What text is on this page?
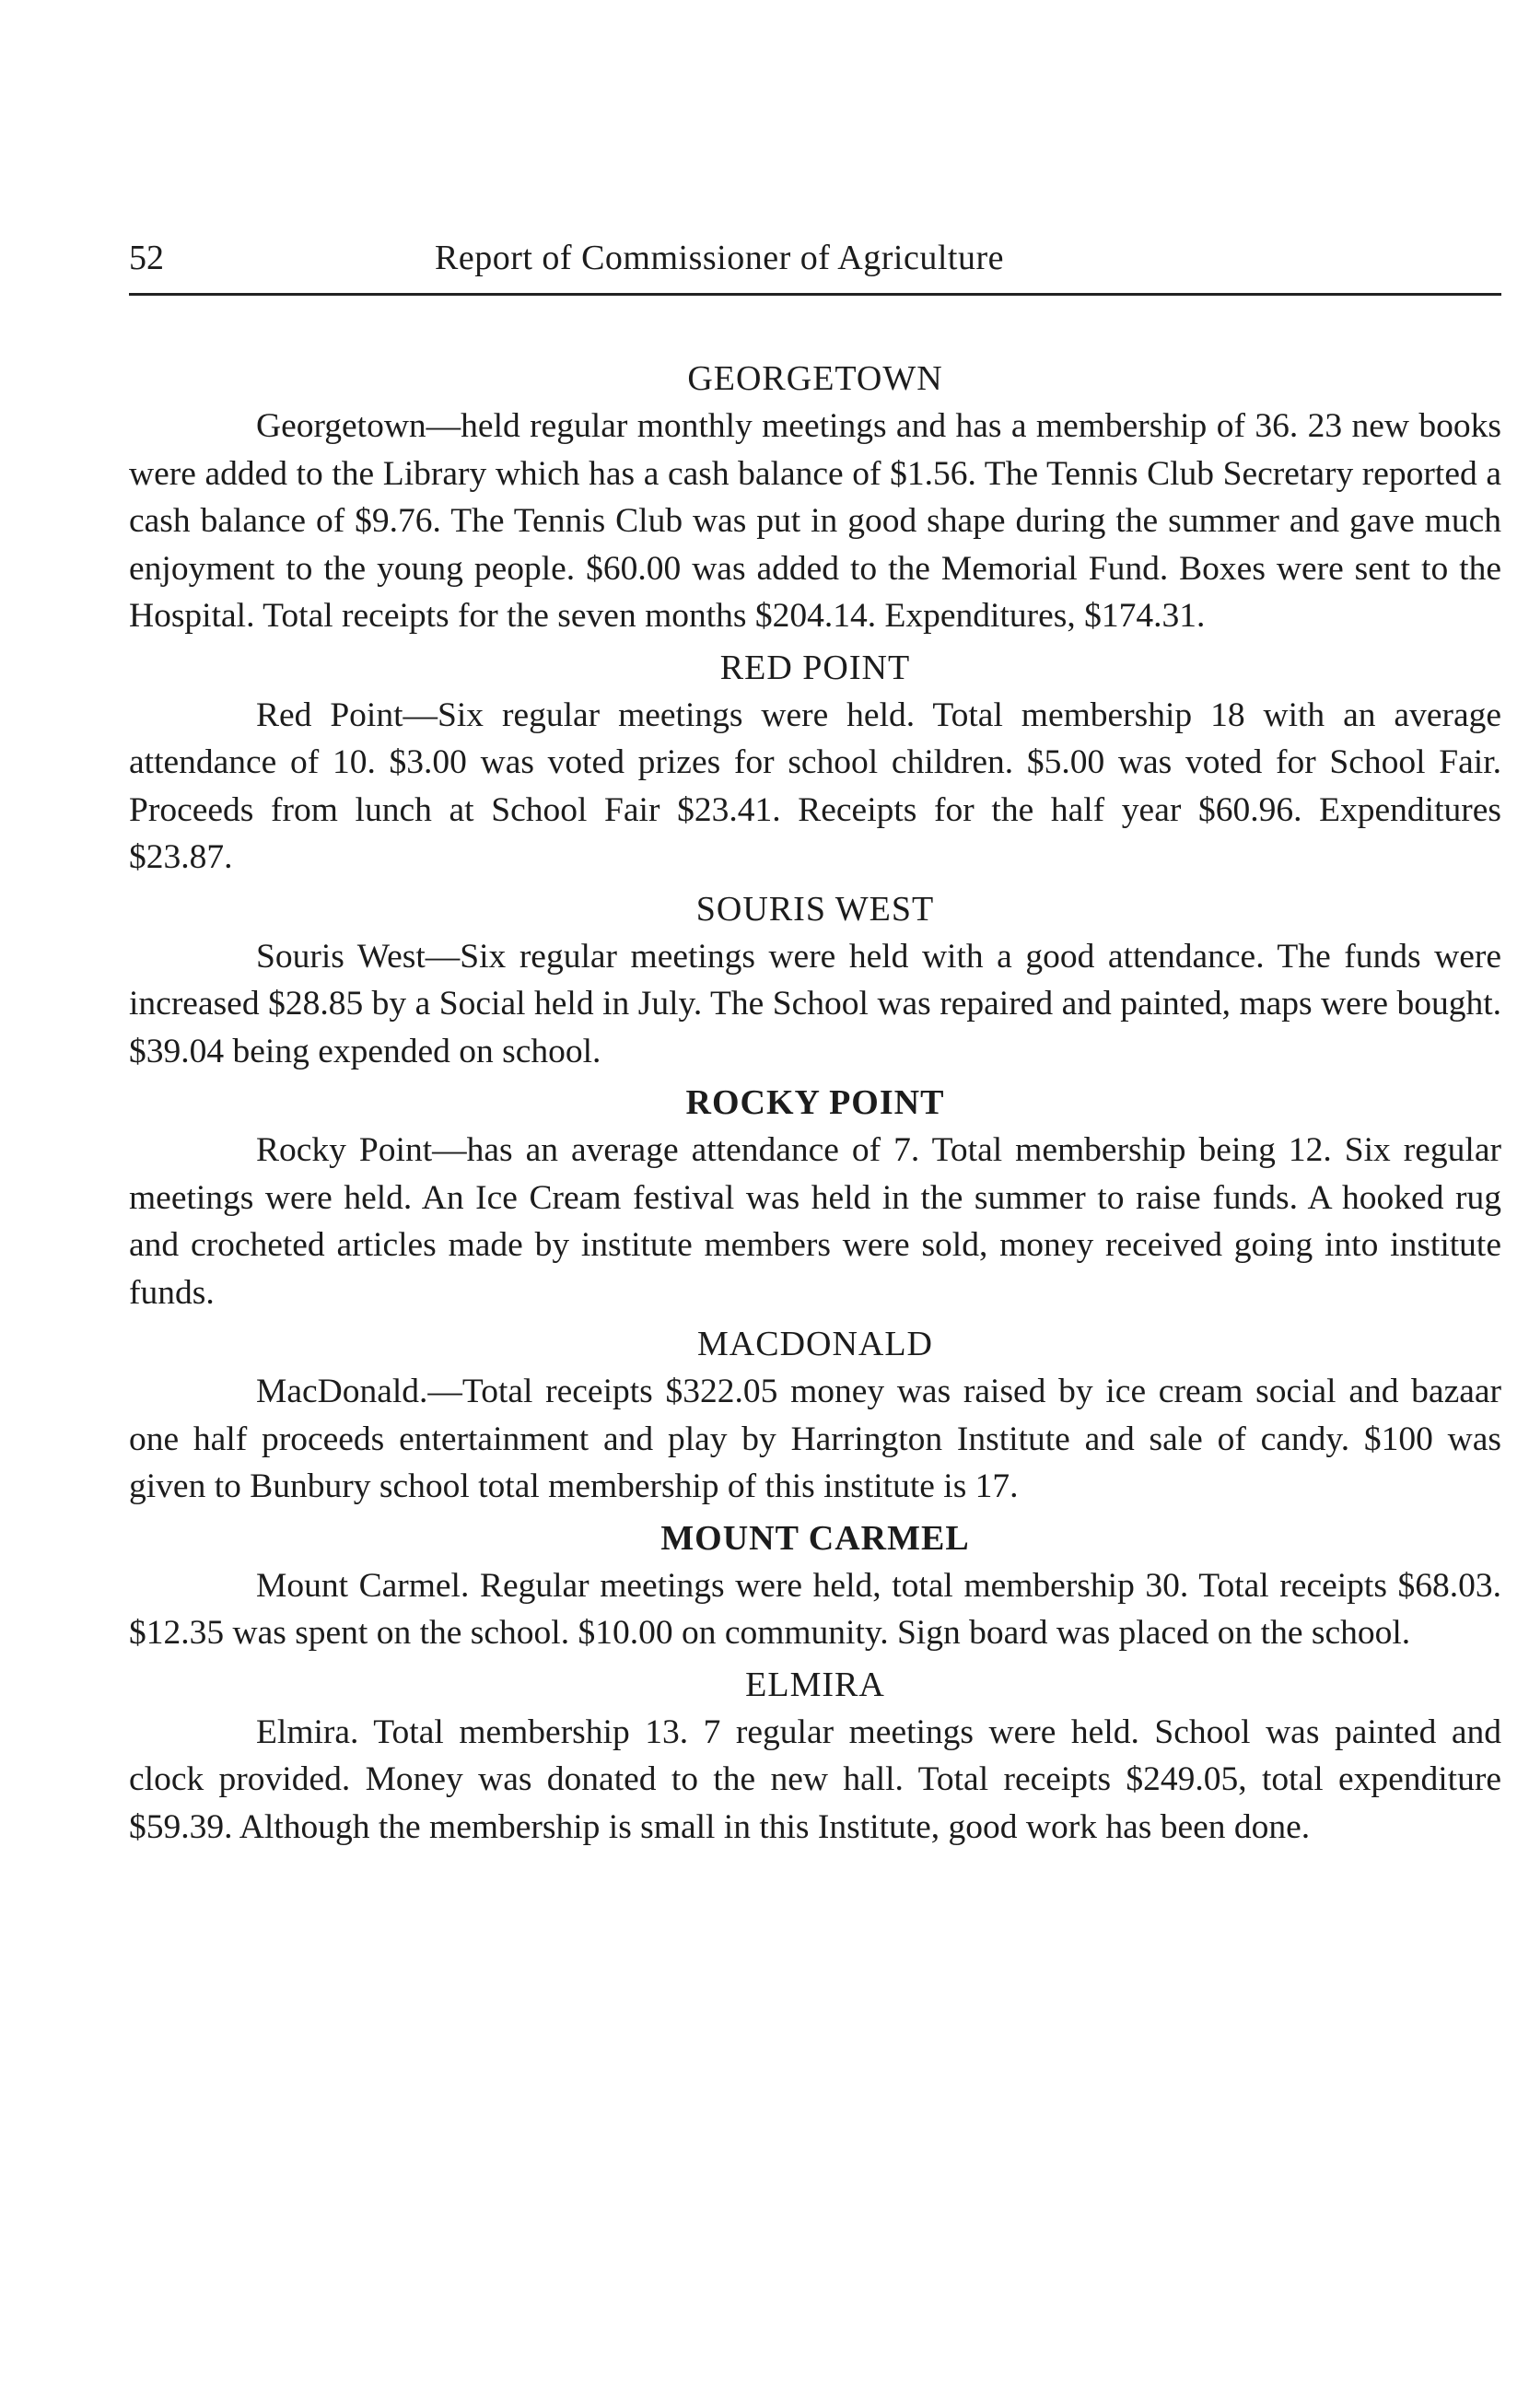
52	Report of Commissioner of Agriculture

GEORGETOWN

Georgetown—held regular monthly meetings and has a membership of 36. 23 new books were added to the Library which has a cash balance of $1.56. The Tennis Club Secretary reported a cash balance of $9.76. The Tennis Club was put in good shape during the summer and gave much enjoyment to the young people. $60.00 was added to the Memorial Fund. Boxes were sent to the Hospital. Total receipts for the seven months $204.14. Expenditures, $174.31.

RED POINT

Red Point—Six regular meetings were held. Total membership 18 with an average attendance of 10. $3.00 was voted prizes for school children. $5.00 was voted for School Fair. Proceeds from lunch at School Fair $23.41. Receipts for the half year $60.96. Expenditures $23.87.

SOURIS WEST

Souris West—Six regular meetings were held with a good attendance. The funds were increased $28.85 by a Social held in July. The School was repaired and painted, maps were bought. $39.04 being expended on school.

ROCKY POINT

Rocky Point—has an average attendance of 7. Total membership being 12. Six regular meetings were held. An Ice Cream festival was held in the summer to raise funds. A hooked rug and crocheted articles made by institute members were sold, money received going into institute funds.

MACDONALD

MacDonald.—Total receipts $322.05 money was raised by ice cream social and bazaar one half proceeds entertainment and play by Harrington Institute and sale of candy. $100 was given to Bunbury school total membership of this institute is 17.

MOUNT CARMEL

Mount Carmel. Regular meetings were held, total membership 30. Total receipts $68.03. $12.35 was spent on the school. $10.00 on community. Sign board was placed on the school.

ELMIRA

Elmira. Total membership 13. 7 regular meetings were held. School was painted and clock provided. Money was donated to the new hall. Total receipts $249.05, total expenditure $59.39. Although the membership is small in this Institute, good work has been done.
